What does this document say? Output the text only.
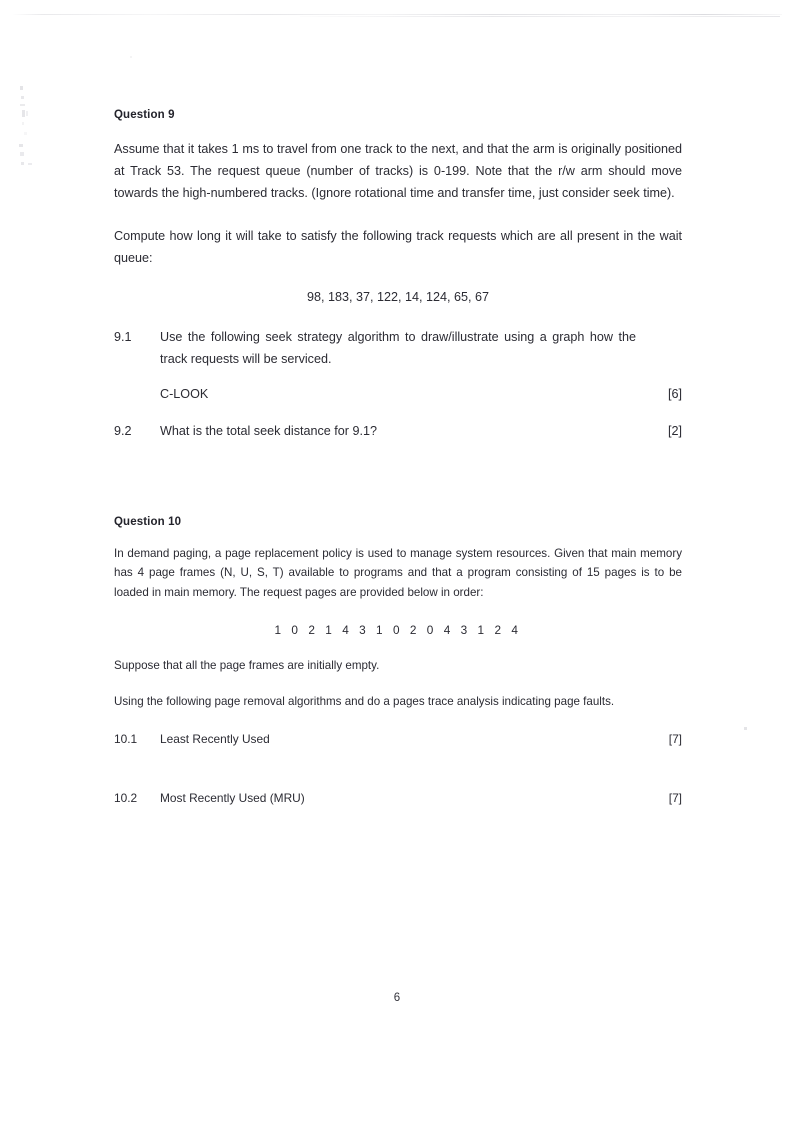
Question 9
Assume that it takes 1 ms to travel from one track to the next, and that the arm is originally positioned at Track 53. The request queue (number of tracks) is 0-199. Note that the r/w arm should move towards the high-numbered tracks. (Ignore rotational time and transfer time, just consider seek time).
Compute how long it will take to satisfy the following track requests which are all present in the wait queue:
98, 183, 37, 122, 14, 124, 65, 67
9.1	Use the following seek strategy algorithm to draw/illustrate using a graph how the track requests will be serviced.
C-LOOK	[6]
9.2	What is the total seek distance for 9.1?	[2]
Question 10
In demand paging, a page replacement policy is used to manage system resources. Given that main memory has 4 page frames (N, U, S, T) available to programs and that a program consisting of 15 pages is to be loaded in main memory. The request pages are provided below in order:
1 0 2 1 4 3 1 0 2 0 4 3 1 2 4
Suppose that all the page frames are initially empty.
Using the following page removal algorithms and do a pages trace analysis indicating page faults.
10.1	Least Recently Used	[7]
10.2	Most Recently Used (MRU)	[7]
6
